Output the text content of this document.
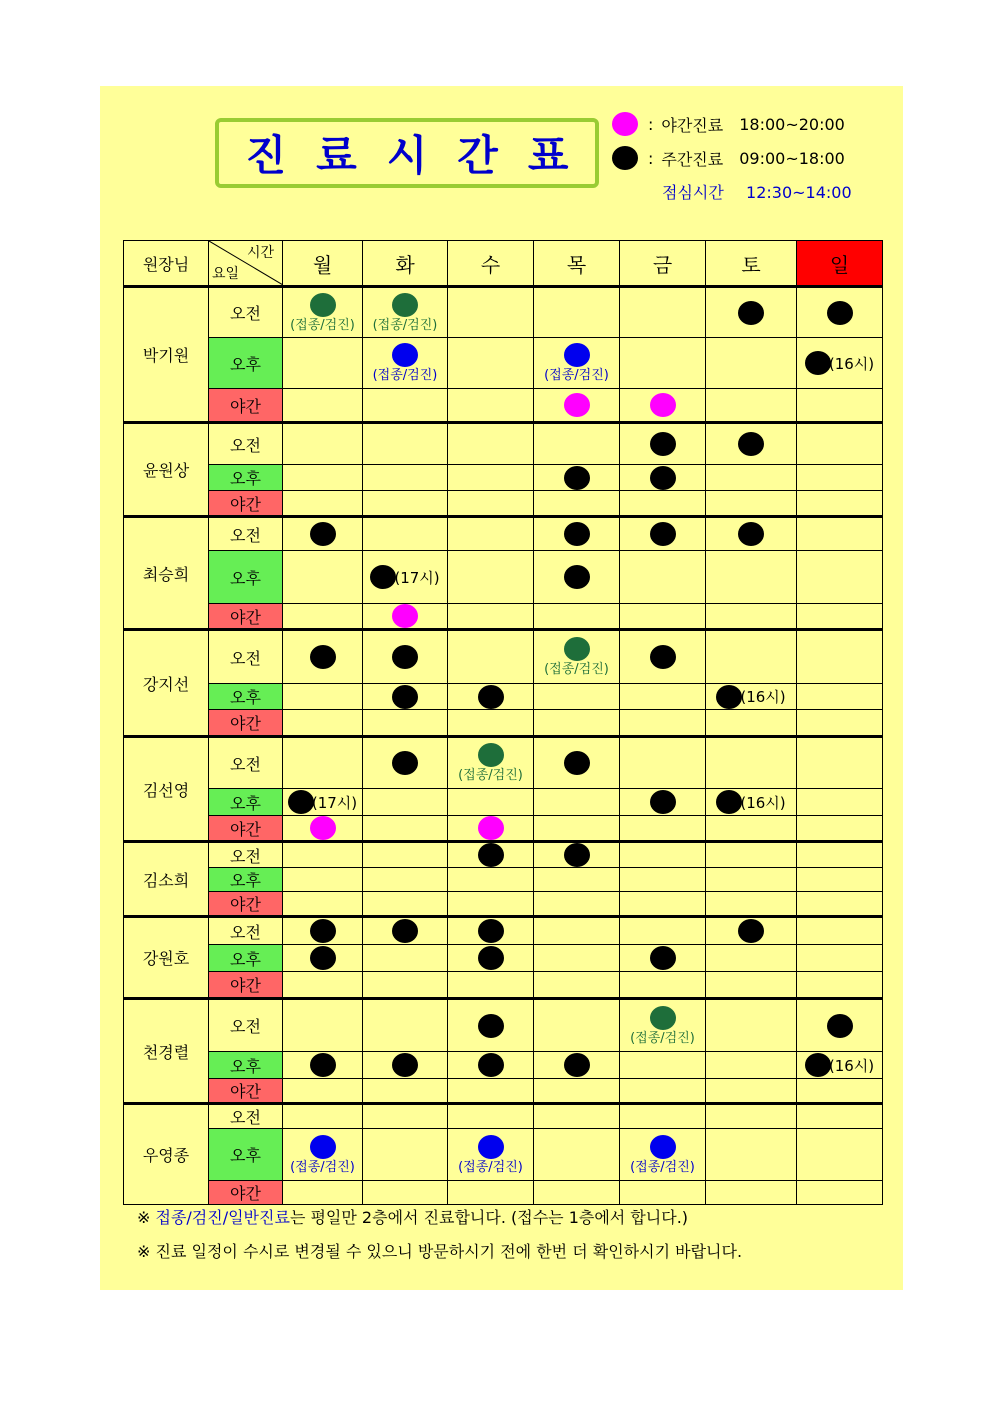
진료시간표
: 야간진료 18:00~20:00
: 주간진료 09:00~18:00
점심시간 12:30~14:00
원장님	시간
요일	월	화	수	목	금	토	일
박기원	오전	(접종/검진)	(접종/검진)					

	오후		(접종/검진)		(접종/검진)			(16시)

	야간				

윤원상	오전					

	오후				

	야간							
최승희	오전	

	오후		(17시)					

	야간		

강지선	오전				(접종/검진)			

	오후						(16시)	

	야간							
김선영	오전			(접종/검진)				

	오후	(17시)					(16시)	

	야간	

김소희	오전			

	오후							
	야간							
강원호	오전	

	오후	

	야간							
천경렬	오전					(접종/검진)		

	오후							(16시)

	야간							
우영종	오전							
	오후	(접종/검진)		(접종/검진)		(접종/검진)		

	야간							
※ 접종/검진/일반진료는 평일만 2층에서 진료합니다. (접수는 1층에서 합니다.)
※ 진료 일정이 수시로 변경될 수 있으니 방문하시기 전에 한번 더 확인하시기 바랍니다.
